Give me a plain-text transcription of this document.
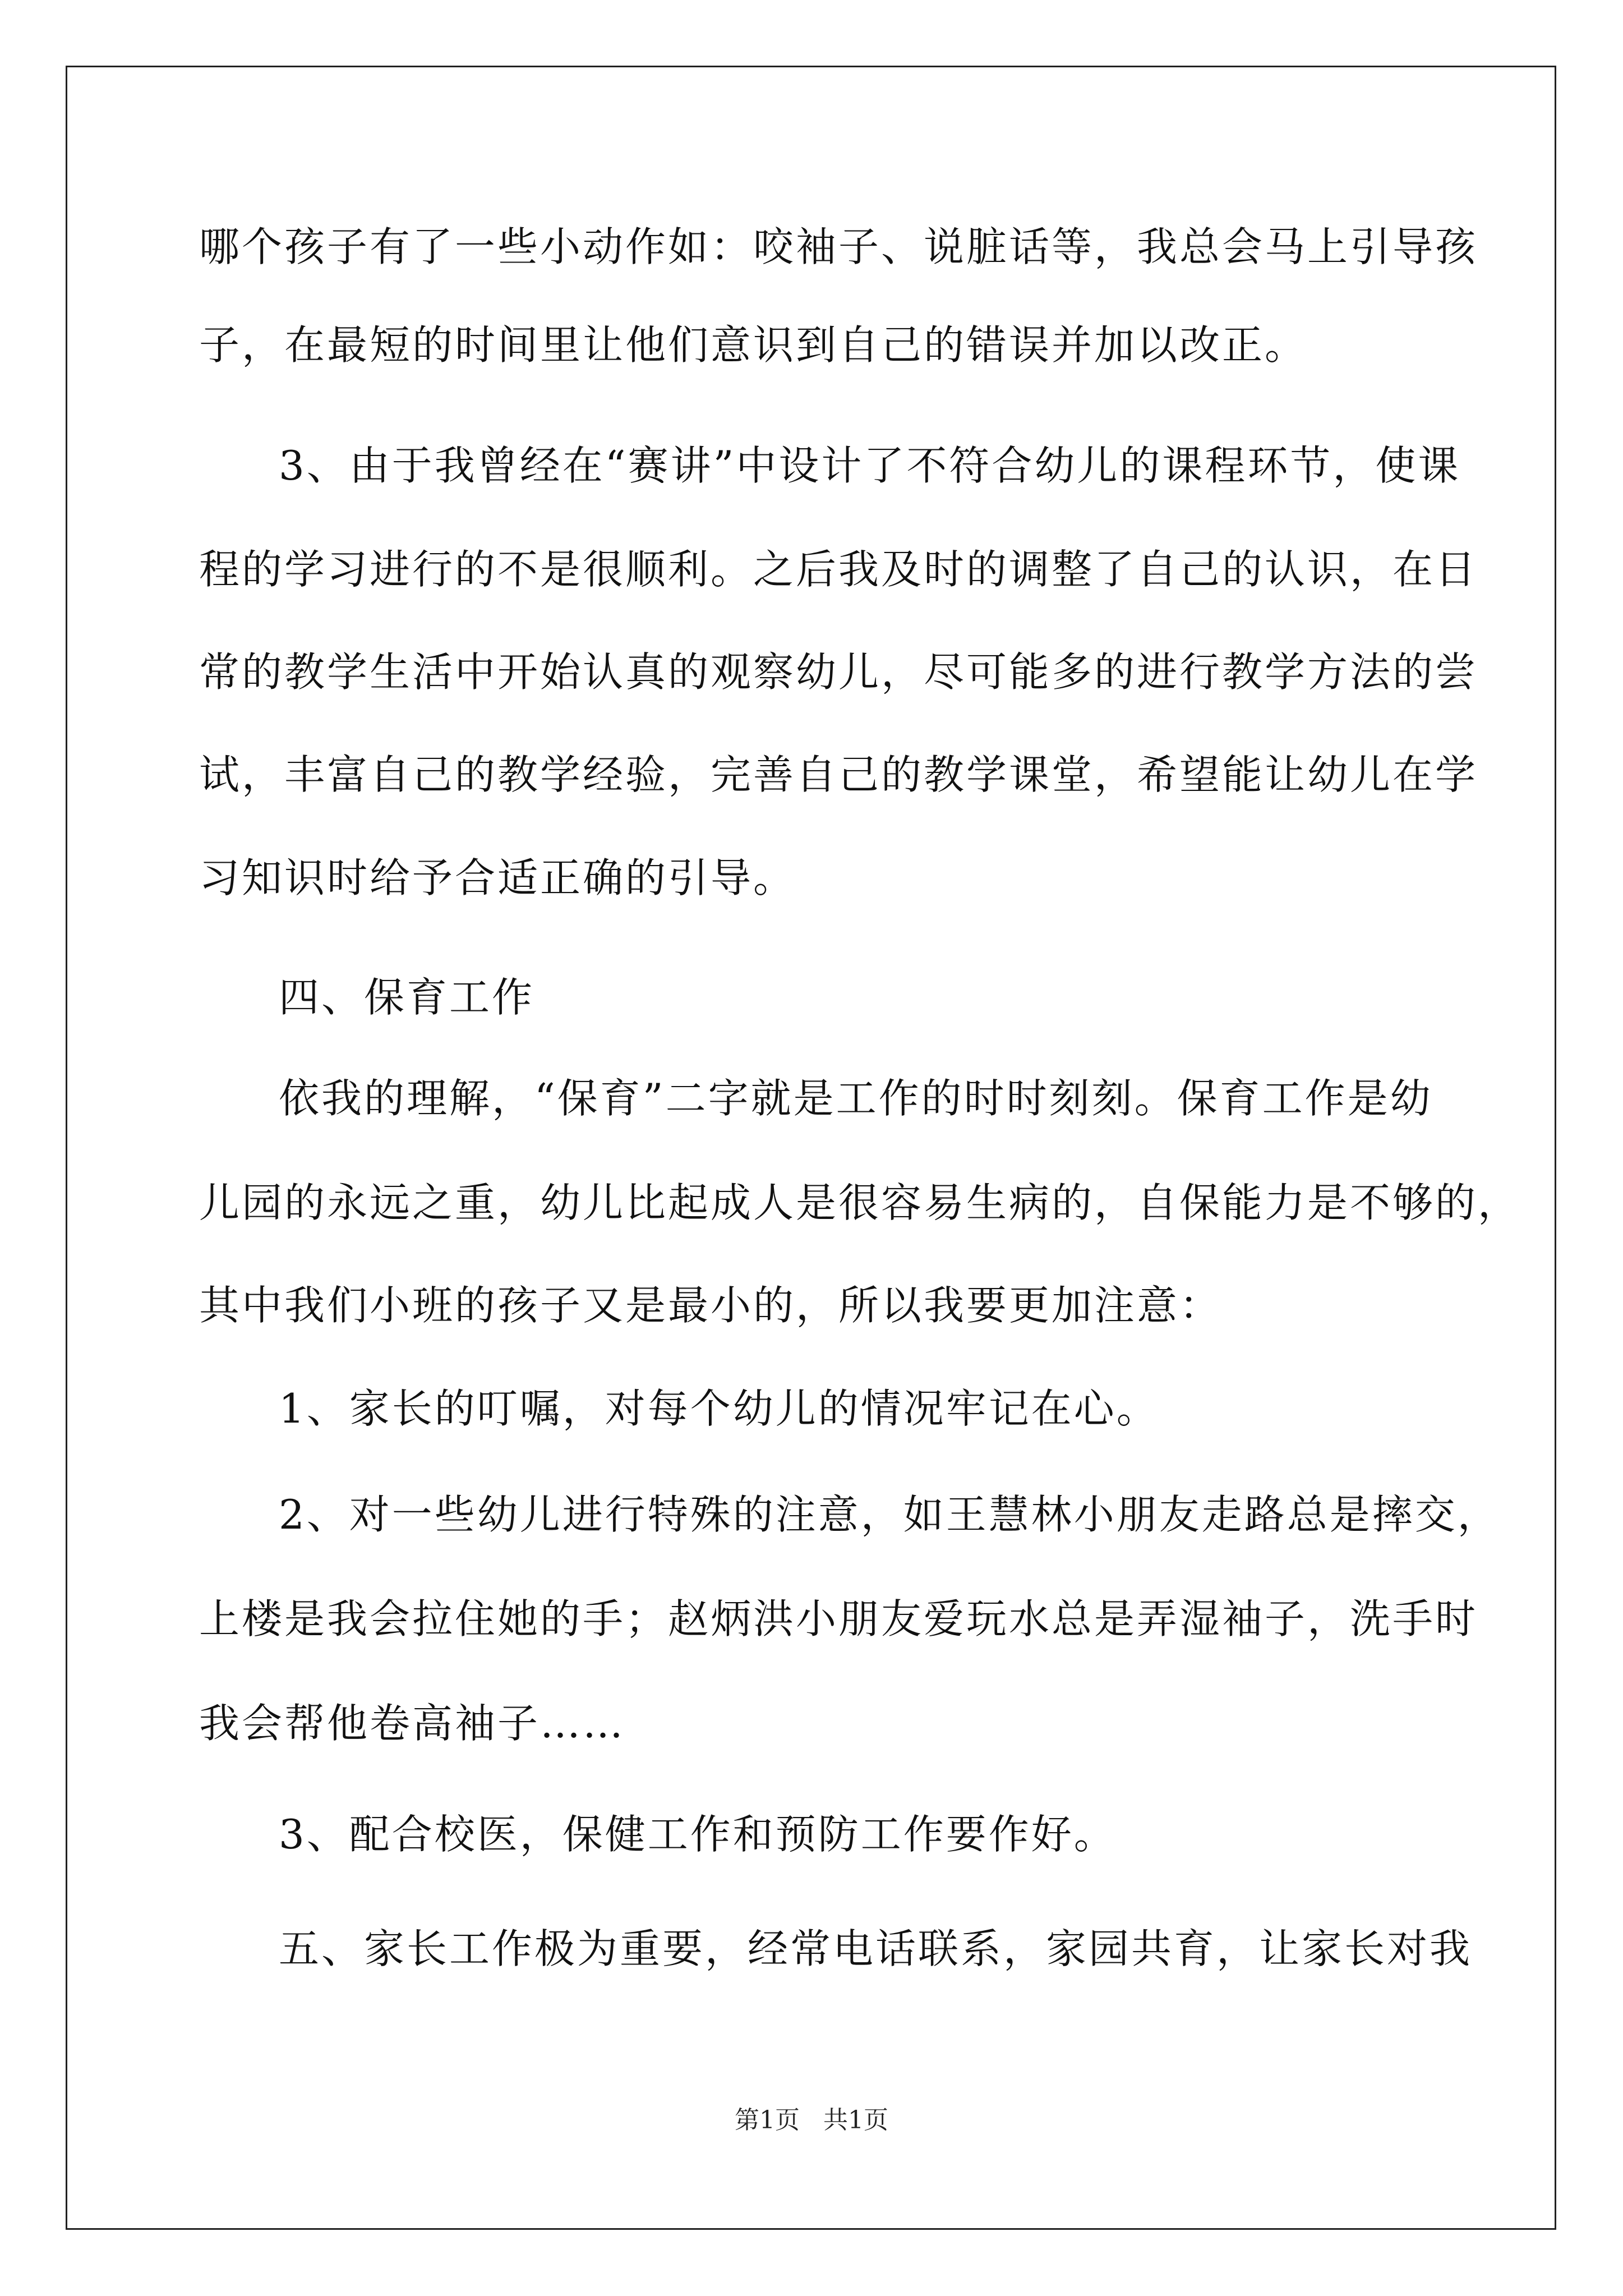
哪个孩子有了一些小动作如：咬袖子、说脏话等，我总会马上引导孩
子，在最短的时间里让他们意识到自己的错误并加以改正。
3、由于我曾经在“赛讲”中设计了不符合幼儿的课程环节，使课
程的学习进行的不是很顺利。之后我及时的调整了自己的认识，在日
常的教学生活中开始认真的观察幼儿，尽可能多的进行教学方法的尝
试，丰富自己的教学经验，完善自己的教学课堂，希望能让幼儿在学
习知识时给予合适正确的引导。
四、保育工作
依我的理解，“保育”二字就是工作的时时刻刻。保育工作是幼
儿园的永远之重，幼儿比起成人是很容易生病的，自保能力是不够的，
其中我们小班的孩子又是最小的，所以我要更加注意：
1、家长的叮嘱，对每个幼儿的情况牢记在心。
2、对一些幼儿进行特殊的注意，如王慧林小朋友走路总是摔交，
上楼是我会拉住她的手；赵炳洪小朋友爱玩水总是弄湿袖子，洗手时
我会帮他卷高袖子……
3、配合校医，保健工作和预防工作要作好。
五、家长工作极为重要，经常电话联系，家园共育，让家长对我
第1页   共1页
